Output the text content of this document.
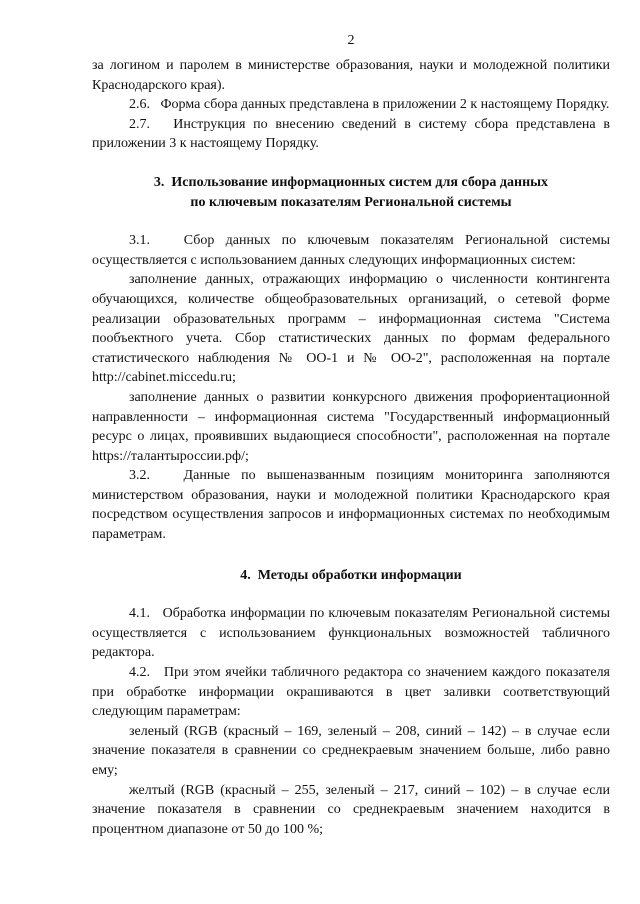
2

за логином и паролем в министерстве образования, науки и молодежной политики Краснодарского края).

2.6.   Форма сбора данных представлена в приложении 2 к настоящему Порядку.

2.7.   Инструкция по внесению сведений в систему сбора представлена в приложении 3 к настоящему Порядку.

3.  Использование информационных систем для сбора данных
по ключевым показателям Региональной системы

3.1.   Сбор данных по ключевым показателям Региональной системы осуществляется с использованием данных следующих информационных систем:

заполнение данных, отражающих информацию о численности контингента обучающихся, количестве общеобразовательных организаций, о сетевой форме реализации образовательных программ – информационная система "Система пообъектного учета. Сбор статистических данных по формам федерального статистического наблюдения № ОО-1 и № ОО-2", расположенная на портале http://cabinet.miccedu.ru;

заполнение данных о развитии конкурсного движения профориентационной направленности – информационная система "Государственный информационный ресурс о лицах, проявивших выдающиеся способности", расположенная на портале https://талантыроссии.рф/;

3.2.   Данные по вышеназванным позициям мониторинга заполняются министерством образования, науки и молодежной политики Краснодарского края посредством осуществления запросов и информационных системах по необходимым параметрам.

4.  Методы обработки информации

4.1.   Обработка информации по ключевым показателям Региональной системы осуществляется с использованием функциональных возможностей табличного редактора.

4.2.   При этом ячейки табличного редактора со значением каждого показателя при обработке информации окрашиваются в цвет заливки соответствующий следующим параметрам:

зеленый (RGB (красный – 169, зеленый – 208, синий – 142) – в случае если значение показателя в сравнении со среднекраевым значением больше, либо равно ему;

желтый (RGB (красный – 255, зеленый – 217, синий – 102) – в случае если значение показателя в сравнении со среднекраевым значением находится в процентном диапазоне от 50 до 100 %;
